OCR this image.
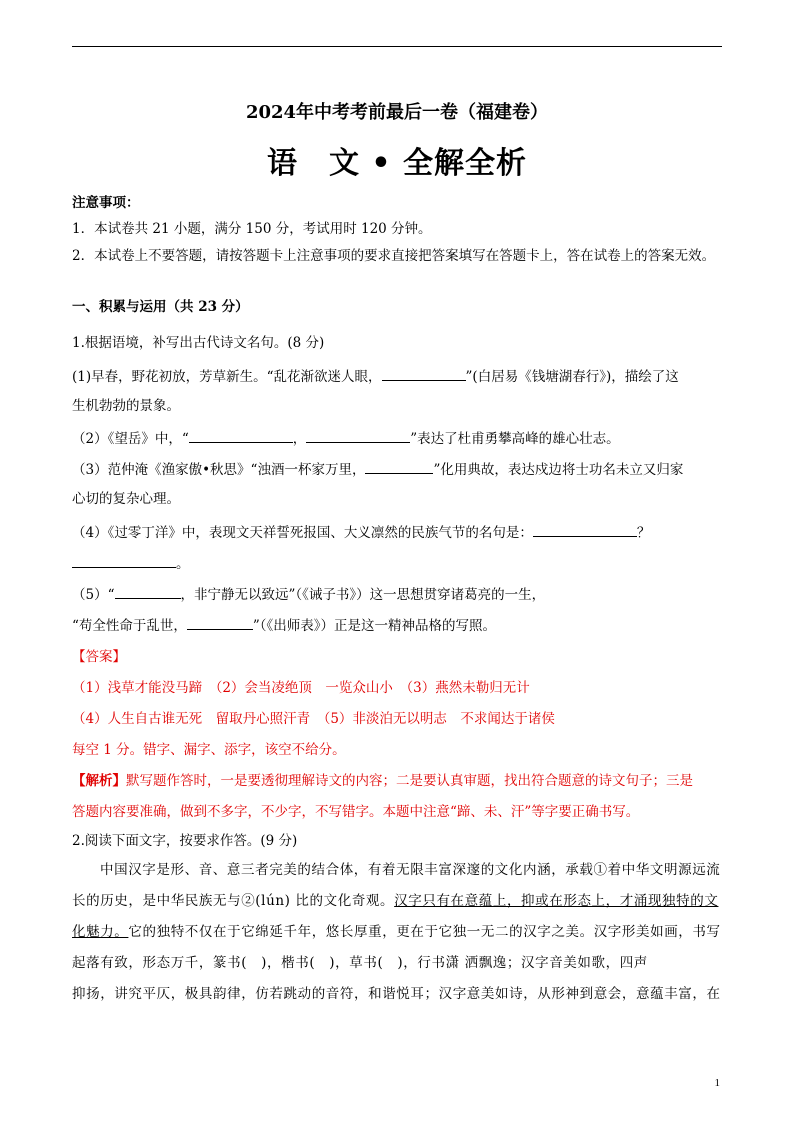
2024年中考考前最后一卷（福建卷）
语　文 • 全解全析
注意事项：
1．本试卷共 21 小题，满分 150 分，考试用时 120 分钟。
2．本试卷上不要答题，请按答题卡上注意事项的要求直接把答案填写在答题卡上，答在试卷上的答案无效。
一、积累与运用（共 23 分）
1.根据语境，补写出古代诗文名句。(8 分)
(1)早春，野花初放，芳草新生。“乱花渐欲迷人眼，	”(白居易《钱塘湖春行》)，描绘了这
生机勃勃的景象。
（2）《望岳》中，“	，	”表达了杜甫勇攀高峰的雄心壮志。
（3）范仲淹《渔家傲•秋思》“浊酒一杯家万里，	”化用典故，表达戍边将士功名未立又归家
心切的复杂心理。
（4）《过零丁洋》中，表现文天祥誓死报国、大义凛然的民族气节的名句是：	？
。
（5）“	，非宁静无以致远”（《诫子书》）这一思想贯穿诸葛亮的一生，
“苟全性命于乱世，	”（《出师表》）正是这一精神品格的写照。
【答案】
（1）浅草才能没马蹄　（2）会当凌绝顶　一览众山小　（3）燕然未勒归无计
（4）人生自古谁无死　留取丹心照汗青　（5）非淡泊无以明志　不求闻达于诸侯
每空 1 分。错字、漏字、添字，该空不给分。
【解析】默写题作答时，一是要透彻理解诗文的内容；二是要认真审题，找出符合题意的诗文句子；三是
答题内容要准确，做到不多字，不少字，不写错字。本题中注意“蹄、未、汗”等字要正确书写。
2.阅读下面文字，按要求作答。(9 分)
中国汉字是形、音、意三者完美的结合体，有着无限丰富深邃的文化内涵，承载①着中华文明源远流
长的历史，是中华民族无与②(lún) 比的文化奇观。汉字只有在意蕴上，抑或在形态上，才涌现独特的文
化魅力。它的独特不仅在于它绵延千年，悠长厚重，更在于它独一无二的汉字之美。汉字形美如画，书写
起落有致，形态万千，篆书(　)，楷书(　)，草书(　)，行书潇 洒飘逸；汉字音美如歌，四声
抑扬，讲究平仄，极具韵律，仿若跳动的音符，和谐悦耳；汉字意美如诗，从形神到意会，意蕴丰富，在
1
